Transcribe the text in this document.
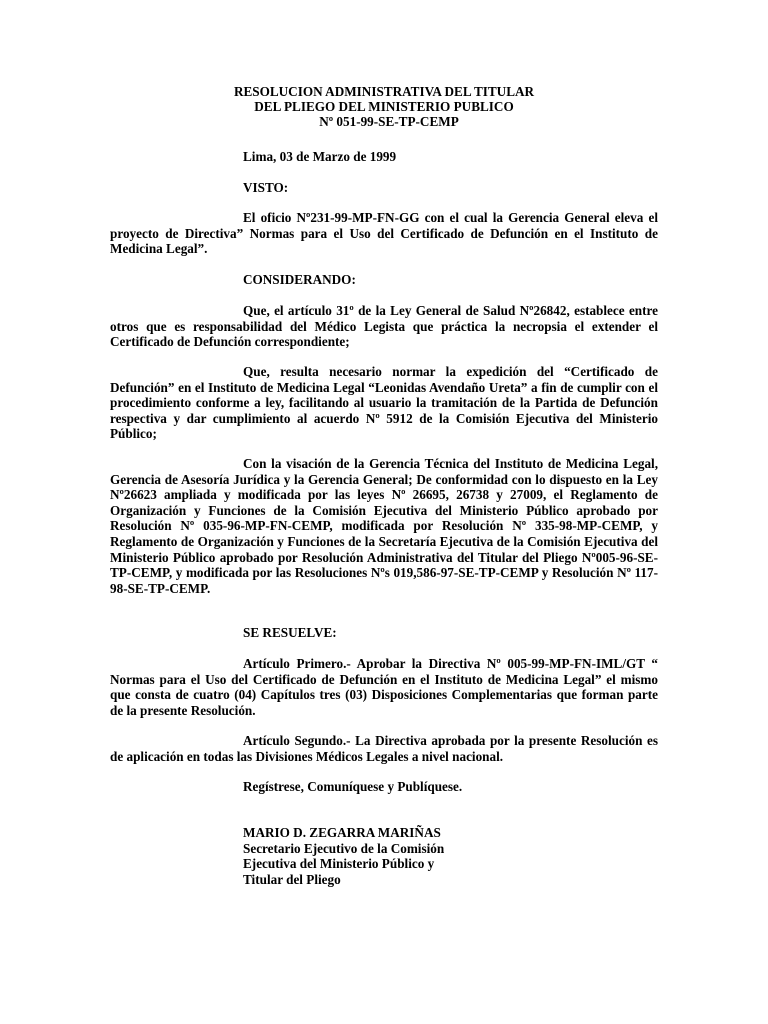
RESOLUCION ADMINISTRATIVA DEL TITULAR
DEL PLIEGO DEL MINISTERIO PUBLICO
Nº 051-99-SE-TP-CEMP
Lima, 03 de Marzo de 1999
VISTO:
El oficio Nº231-99-MP-FN-GG con el cual la Gerencia General eleva el proyecto de Directiva” Normas para el Uso del Certificado de Defunción en el Instituto de Medicina Legal”.
CONSIDERANDO:
Que, el artículo 31º de la Ley General de Salud Nº26842, establece entre otros que es responsabilidad del Médico Legista que práctica la necropsia el extender el Certificado de Defunción correspondiente;
Que, resulta necesario normar la expedición del “Certificado de Defunción” en el Instituto de Medicina Legal “Leonidas Avendaño Ureta” a fin de cumplir con el procedimiento conforme a ley, facilitando al usuario la tramitación de la Partida de Defunción respectiva y dar cumplimiento al acuerdo Nº 5912 de la Comisión Ejecutiva del Ministerio Público;
Con la visación de la Gerencia Técnica del Instituto de Medicina Legal, Gerencia de Asesoría Jurídica y la Gerencia General; De conformidad con lo dispuesto en la Ley Nº26623 ampliada y modificada por las leyes Nº 26695, 26738 y 27009, el Reglamento de Organización y Funciones de la Comisión Ejecutiva del Ministerio Público aprobado por Resolución Nº 035-96-MP-FN-CEMP, modificada por Resolución Nº 335-98-MP-CEMP, y Reglamento de Organización y Funciones de la Secretaría Ejecutiva de la Comisión Ejecutiva del Ministerio Público aprobado por Resolución Administrativa del Titular del Pliego Nº005-96-SE-TP-CEMP, y modificada por las Resoluciones Nºs 019,586-97-SE-TP-CEMP y Resolución Nº 117-98-SE-TP-CEMP.
SE RESUELVE:
Artículo Primero.- Aprobar la Directiva Nº 005-99-MP-FN-IML/GT “ Normas para el Uso del Certificado de Defunción en el Instituto de Medicina Legal” el mismo que consta de cuatro (04) Capítulos tres (03) Disposiciones Complementarias que forman parte de la presente Resolución.
Artículo Segundo.- La Directiva aprobada por la presente Resolución es de aplicación en todas las Divisiones Médicos Legales a nivel nacional.
Regístrese, Comuníquese y Publíquese.
MARIO D. ZEGARRA MARIÑAS
Secretario Ejecutivo de la Comisión
Ejecutiva del Ministerio Público y
Titular del Pliego
